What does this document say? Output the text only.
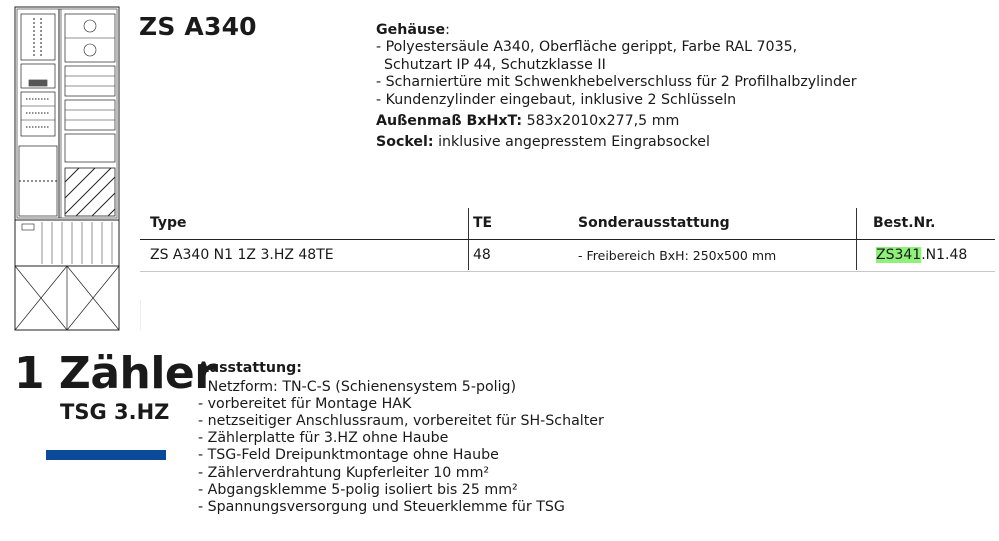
ZS A340	Gehäuse:
- Polyestersäule A340, Oberfläche gerippt, Farbe RAL 7035,
Schutzart IP 44, Schutzklasse II
- Scharniertüre mit Schwenkhebelverschluss für 2 Profilhalbzylinder
- Kundenzylinder eingebaut, inklusive 2 Schlüsseln
Außenmaß BxHxT: 583x2010x277,5 mm
Sockel: inklusive angepresstem Eingrabsockel
Type	TE	Sonderausstattung	Best.Nr.
ZS A340 N1 1Z 3.HZ 48TE	48	- Freibereich BxH: 250x500 mm	ZS341.N1.48
1 Zähler
TSG 3.HZ
Ausstattung:
- Netzform: TN-C-S (Schienensystem 5-polig)
- vorbereitet für Montage HAK
- netzseitiger Anschlussraum, vorbereitet für SH-Schalter
- Zählerplatte für 3.HZ ohne Haube
- TSG-Feld Dreipunktmontage ohne Haube
- Zählerverdrahtung Kupferleiter 10 mm²
- Abgangsklemme 5-polig isoliert bis 25 mm²
- Spannungsversorgung und Steuerklemme für TSG
